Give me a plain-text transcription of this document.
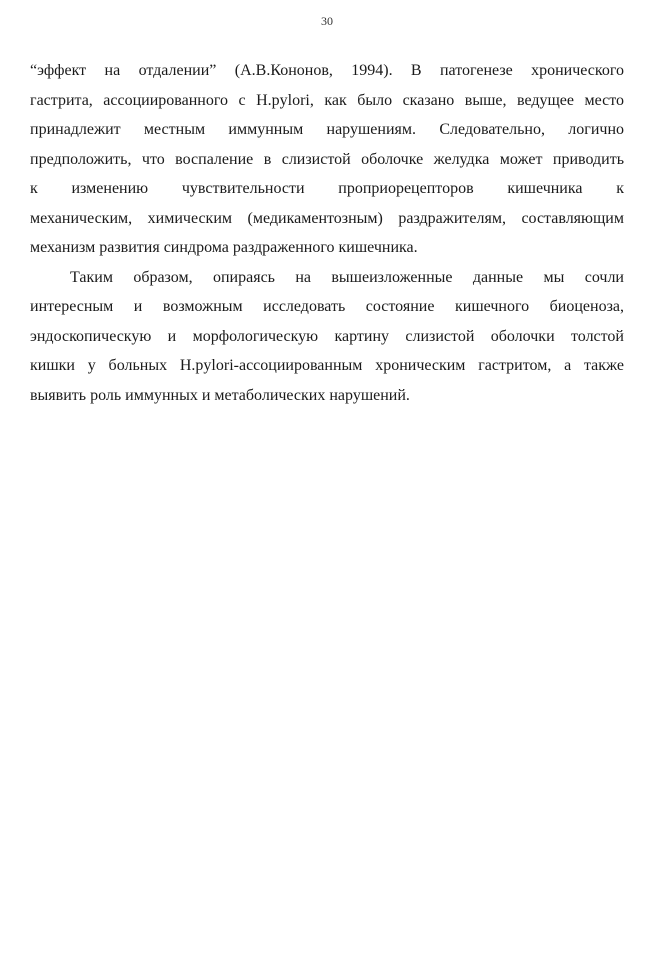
30

“эффект на отдалении” (А.В.Кононов, 1994). В патогенезе хронического
гастрита, ассоциированного с H.pylori, как было сказано выше, ведущее место
принадлежит местным иммунным нарушениям. Следовательно, логично
предположить, что воспаление в слизистой оболочке желудка может приводить
к изменению чувствительности проприорецепторов кишечника к
механическим, химическим (медикаментозным) раздражителям, составляющим
механизм развития синдрома раздраженного кишечника.

Таким образом, опираясь на вышеизложенные данные мы сочли
интересным и возможным исследовать состояние кишечного биоценоза,
эндоскопическую и морфологическую картину слизистой оболочки толстой
кишки у больных H.pylori-ассоциированным хроническим гастритом, а также
выявить роль иммунных и метаболических нарушений.
